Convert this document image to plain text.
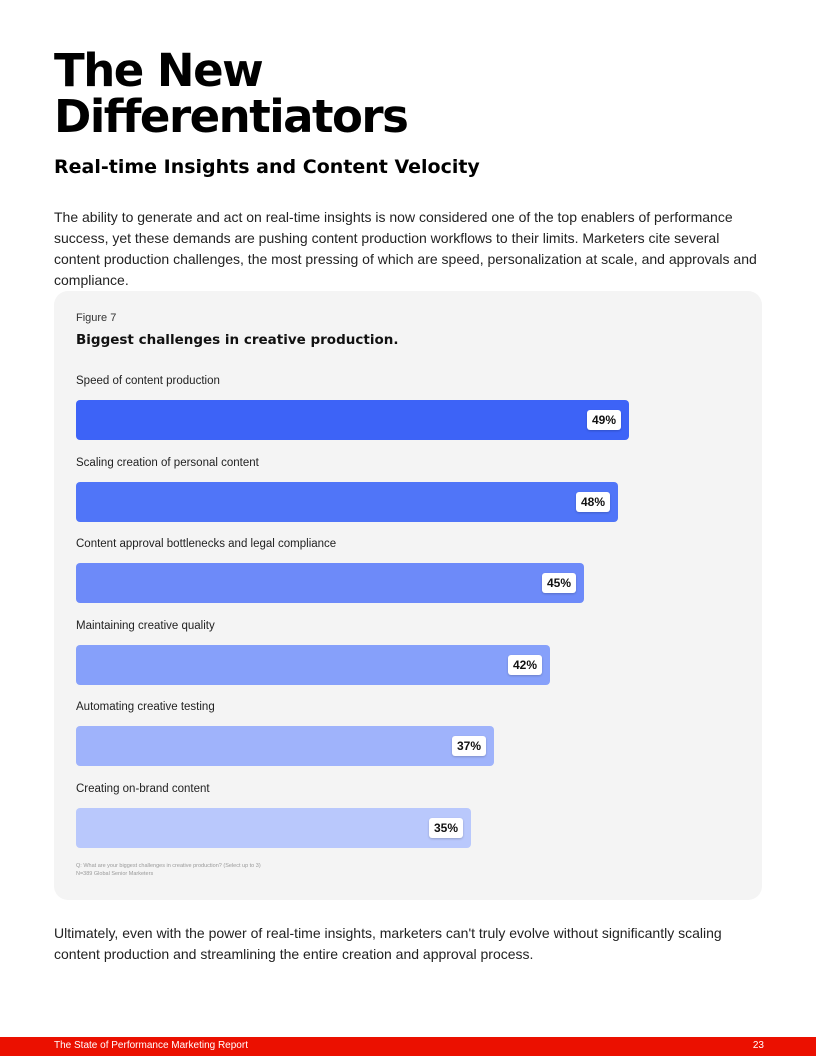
The New
Differentiators
Real-time Insights and Content Velocity

The ability to generate and act on real-time insights is now considered one of the top enablers of performance success, yet these demands are pushing content production workflows to their limits. Marketers cite several content production challenges, the most pressing of which are speed, personalization at scale, and approvals and compliance.

Figure 7
Biggest challenges in creative production.
Q: What are your biggest challenges in creative production? (Select up to 3)
N=389 Global Senior Marketers
Speed of content production
49%
Scaling creation of personal content
48%
Content approval bottlenecks and legal compliance
45%
Maintaining creative quality
42%
Automating creative testing
37%
Creating on-brand content
35%

Ultimately, even with the power of real-time insights, marketers can't truly evolve without significantly scaling content production and streamlining the entire creation and approval process.

The State of Performance Marketing Report	23
